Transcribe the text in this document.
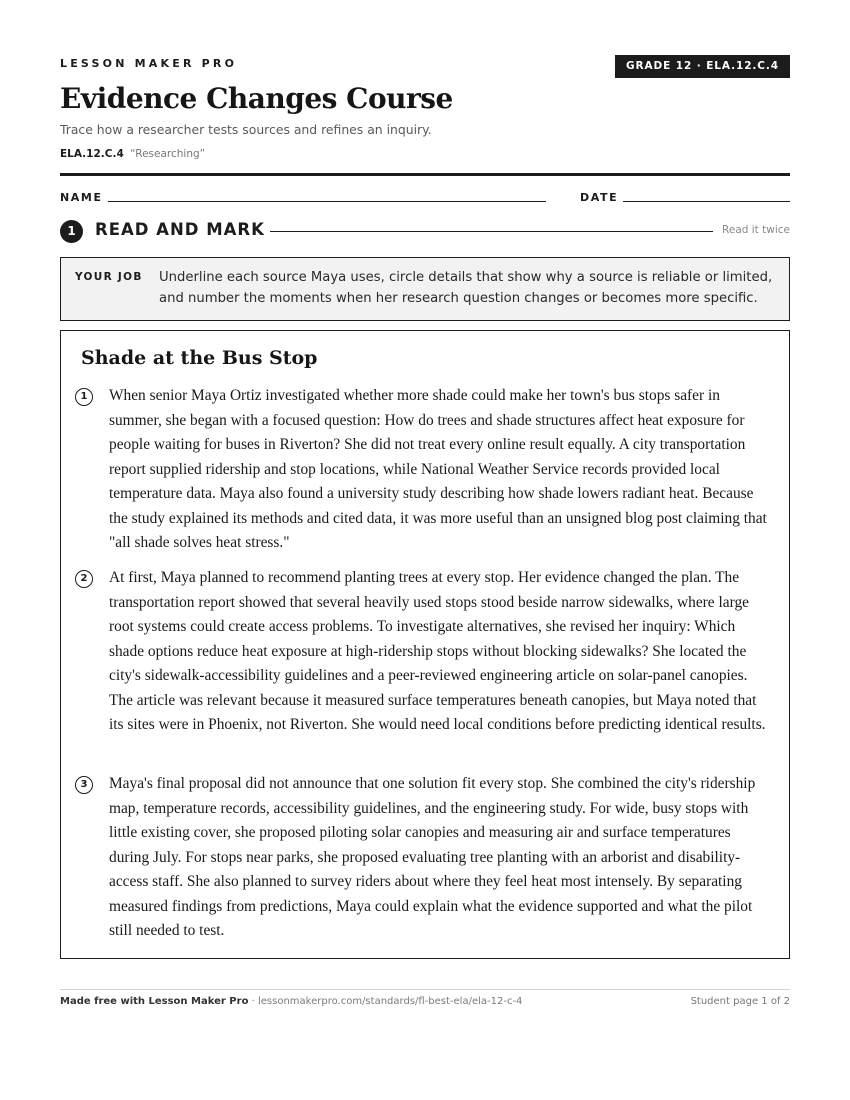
LESSON MAKER PRO	GRADE 12 · ELA.12.C.4
Evidence Changes Course
Trace how a researcher tests sources and refines an inquiry.
ELA.12.C.4 “Researching”
NAME	DATE
1	READ AND MARK	Read it twice
YOUR JOB Underline each source Maya uses, circle details that show why a source is reliable or limited, and number the moments when her research question changes or becomes more specific.
Shade at the Bus Stop
1	When senior Maya Ortiz investigated whether more shade could make her town's bus stops safer in summer, she began with a focused question: How do trees and shade structures affect heat exposure for people waiting for buses in Riverton? She did not treat every online result equally. A city transportation report supplied ridership and stop locations, while National Weather Service records provided local temperature data. Maya also found a university study describing how shade lowers radiant heat. Because the study explained its methods and cited data, it was more useful than an unsigned blog post claiming that "all shade solves heat stress."

2	At first, Maya planned to recommend planting trees at every stop. Her evidence changed the plan. The transportation report showed that several heavily used stops stood beside narrow sidewalks, where large root systems could create access problems. To investigate alternatives, she revised her inquiry: Which shade options reduce heat exposure at high-ridership stops without blocking sidewalks? She located the city's sidewalk-accessibility guidelines and a peer-reviewed engineering article on solar-panel canopies. The article was relevant because it measured surface temperatures beneath canopies, but Maya noted that its sites were in Phoenix, not Riverton. She would need local conditions before predicting identical results.

3	Maya's final proposal did not announce that one solution fit every stop. She combined the city's ridership map, temperature records, accessibility guidelines, and the engineering study. For wide, busy stops with little existing cover, she proposed piloting solar canopies and measuring air and surface temperatures during July. For stops near parks, she proposed evaluating tree planting with an arborist and disability-access staff. She also planned to survey riders about where they feel heat most intensely. By separating measured findings from predictions, Maya could explain what the evidence supported and what the pilot still needed to test.

Made free with Lesson Maker Pro · lessonmakerpro.com/standards/fl-best-ela/ela-12-c-4	Student page 1 of 2
